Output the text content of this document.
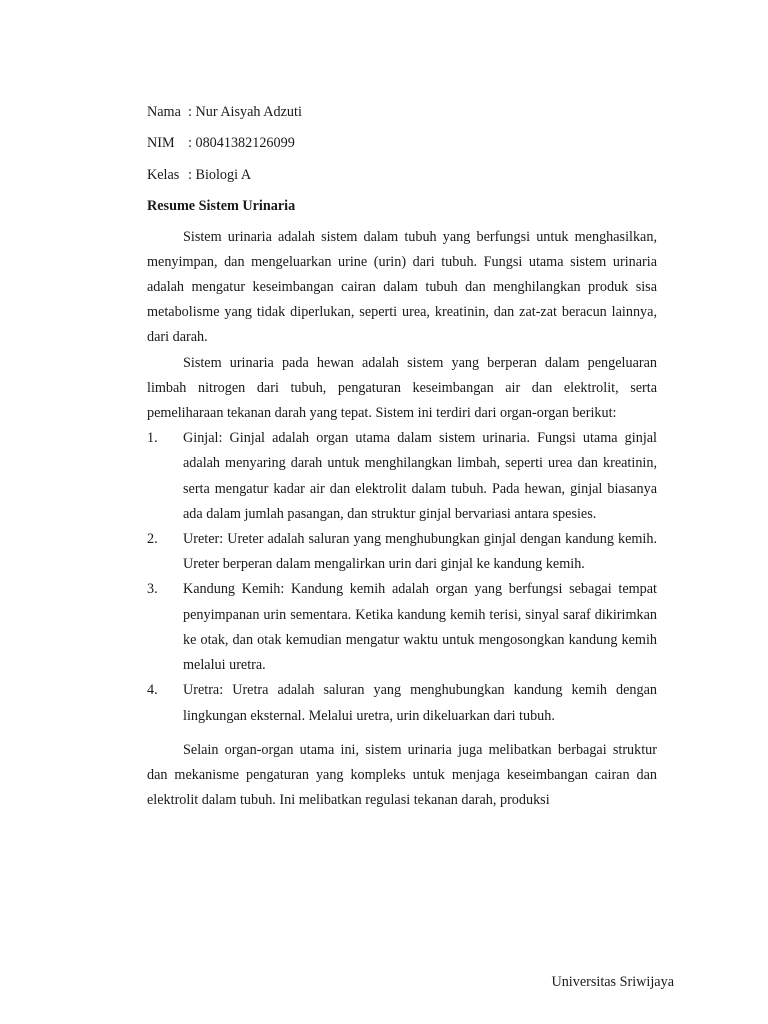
Nama : Nur Aisyah Adzuti
NIM : 08041382126099
Kelas : Biologi A
Resume Sistem Urinaria

Sistem urinaria adalah sistem dalam tubuh yang berfungsi untuk menghasilkan, menyimpan, dan mengeluarkan urine (urin) dari tubuh. Fungsi utama sistem urinaria adalah mengatur keseimbangan cairan dalam tubuh dan menghilangkan produk sisa metabolisme yang tidak diperlukan, seperti urea, kreatinin, dan zat-zat beracun lainnya, dari darah.

Sistem urinaria pada hewan adalah sistem yang berperan dalam pengeluaran limbah nitrogen dari tubuh, pengaturan keseimbangan air dan elektrolit, serta pemeliharaan tekanan darah yang tepat. Sistem ini terdiri dari organ-organ berikut:

1.	Ginjal: Ginjal adalah organ utama dalam sistem urinaria. Fungsi utama ginjal adalah menyaring darah untuk menghilangkan limbah, seperti urea dan kreatinin, serta mengatur kadar air dan elektrolit dalam tubuh. Pada hewan, ginjal biasanya ada dalam jumlah pasangan, dan struktur ginjal bervariasi antara spesies.
2.	Ureter: Ureter adalah saluran yang menghubungkan ginjal dengan kandung kemih. Ureter berperan dalam mengalirkan urin dari ginjal ke kandung kemih.
3.	Kandung Kemih: Kandung kemih adalah organ yang berfungsi sebagai tempat penyimpanan urin sementara. Ketika kandung kemih terisi, sinyal saraf dikirimkan ke otak, dan otak kemudian mengatur waktu untuk mengosongkan kandung kemih melalui uretra.
4.	Uretra: Uretra adalah saluran yang menghubungkan kandung kemih dengan lingkungan eksternal. Melalui uretra, urin dikeluarkan dari tubuh.

Selain organ-organ utama ini, sistem urinaria juga melibatkan berbagai struktur dan mekanisme pengaturan yang kompleks untuk menjaga keseimbangan cairan dan elektrolit dalam tubuh. Ini melibatkan regulasi tekanan darah, produksi

Universitas Sriwijaya
